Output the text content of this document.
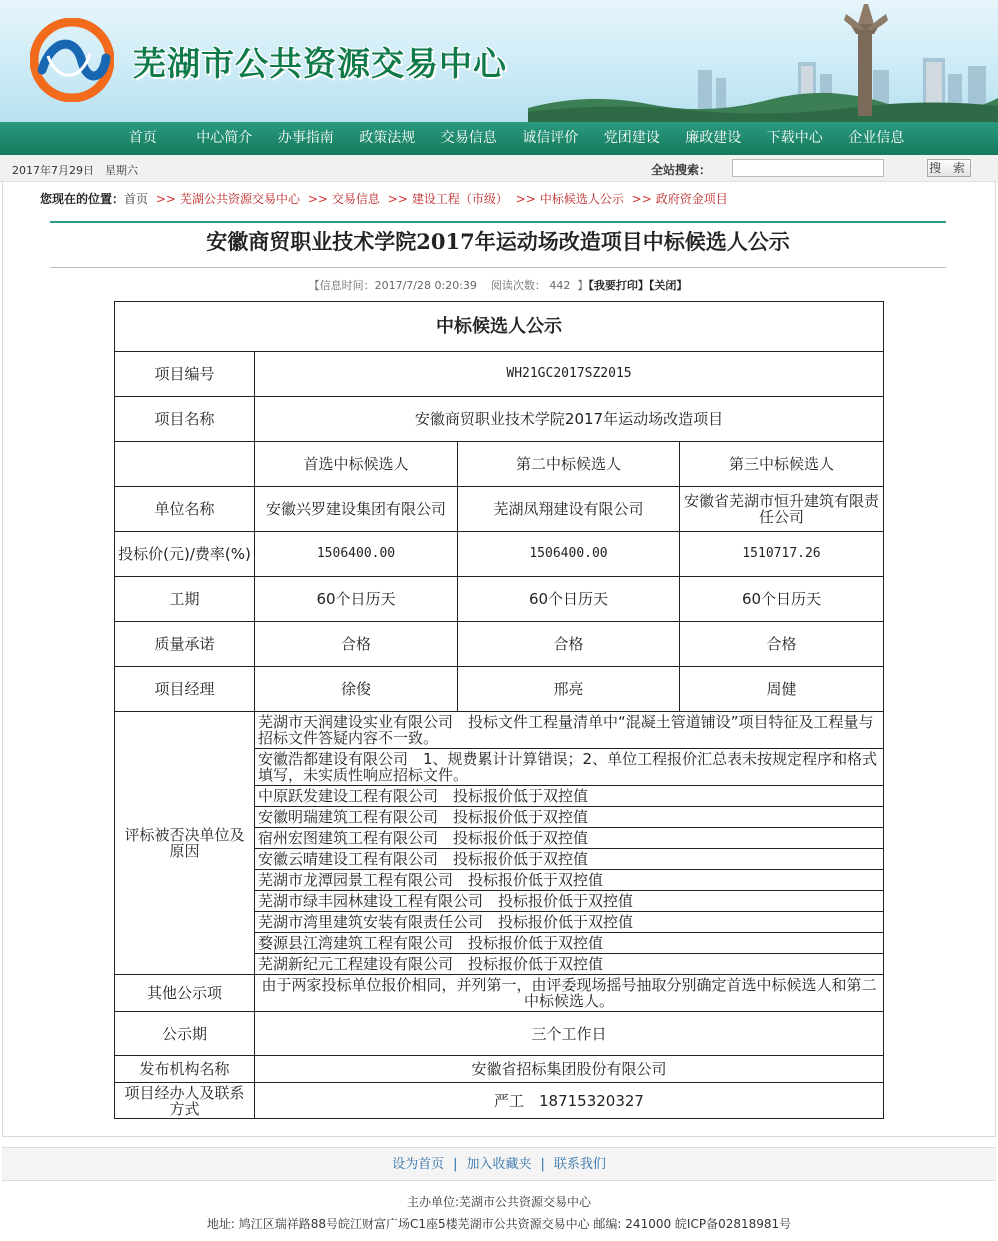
芜湖市公共资源交易中心
首页	中心简介	办事指南	政策法规	交易信息	诚信评价	党团建设	廉政建设	下载中心	企业信息
2017年7月29日　星期六	全站搜索：	搜 索
您现在的位置：首页 >> 芜湖公共资源交易中心 >> 交易信息 >> 建设工程（市级） >> 中标候选人公示 >> 政府资金项目
安徽商贸职业技术学院2017年运动场改造项目中标候选人公示
【信息时间：2017/7/28 0:20:39 阅读次数： 442 】【我要打印】【关闭】
中标候选人公示			
项目编号	WH21GC2017SZ2015		
项目名称	安徽商贸职业技术学院2017年运动场改造项目		
	首选中标候选人	第二中标候选人	第三中标候选人
单位名称	安徽兴罗建设集团有限公司	芜湖凤翔建设有限公司	安徽省芜湖市恒升建筑有限责任公司
投标价(元)/费率(%)	1506400.00	1506400.00	1510717.26
工期	60个日历天	60个日历天	60个日历天
质量承诺	合格	合格	合格
项目经理	徐俊	邢亮	周健
评标被否决单位及原因	芜湖市天润建设实业有限公司　投标文件工程量清单中“混凝土管道铺设”项目特征及工程量与招标文件答疑内容不一致。		
	安徽浩都建设有限公司　1、规费累计计算错误；2、单位工程报价汇总表未按规定程序和格式填写，未实质性响应招标文件。		
	中原跃发建设工程有限公司　投标报价低于双控值		
	安徽明瑞建筑工程有限公司　投标报价低于双控值		
	宿州宏图建筑工程有限公司　投标报价低于双控值		
	安徽云晴建设工程有限公司　投标报价低于双控值		
	芜湖市龙潭园景工程有限公司　投标报价低于双控值		
	芜湖市绿丰园林建设工程有限公司　投标报价低于双控值		
	芜湖市湾里建筑安装有限责任公司　投标报价低于双控值		
	婺源县江湾建筑工程有限公司　投标报价低于双控值		
	芜湖新纪元工程建设有限公司　投标报价低于双控值		
其他公示项	由于两家投标单位报价相同，并列第一，由评委现场摇号抽取分别确定首选中标候选人和第二中标候选人。		
公示期	三个工作日		
发布机构名称	安徽省招标集团股份有限公司		
项目经办人及联系方式	严工　18715320327		
设为首页 | 加入收藏夹 | 联系我们
主办单位:芜湖市公共资源交易中心
地址: 鸠江区瑞祥路88号皖江财富广场C1座5楼芜湖市公共资源交易中心 邮编: 241000 皖ICP备02818981号
